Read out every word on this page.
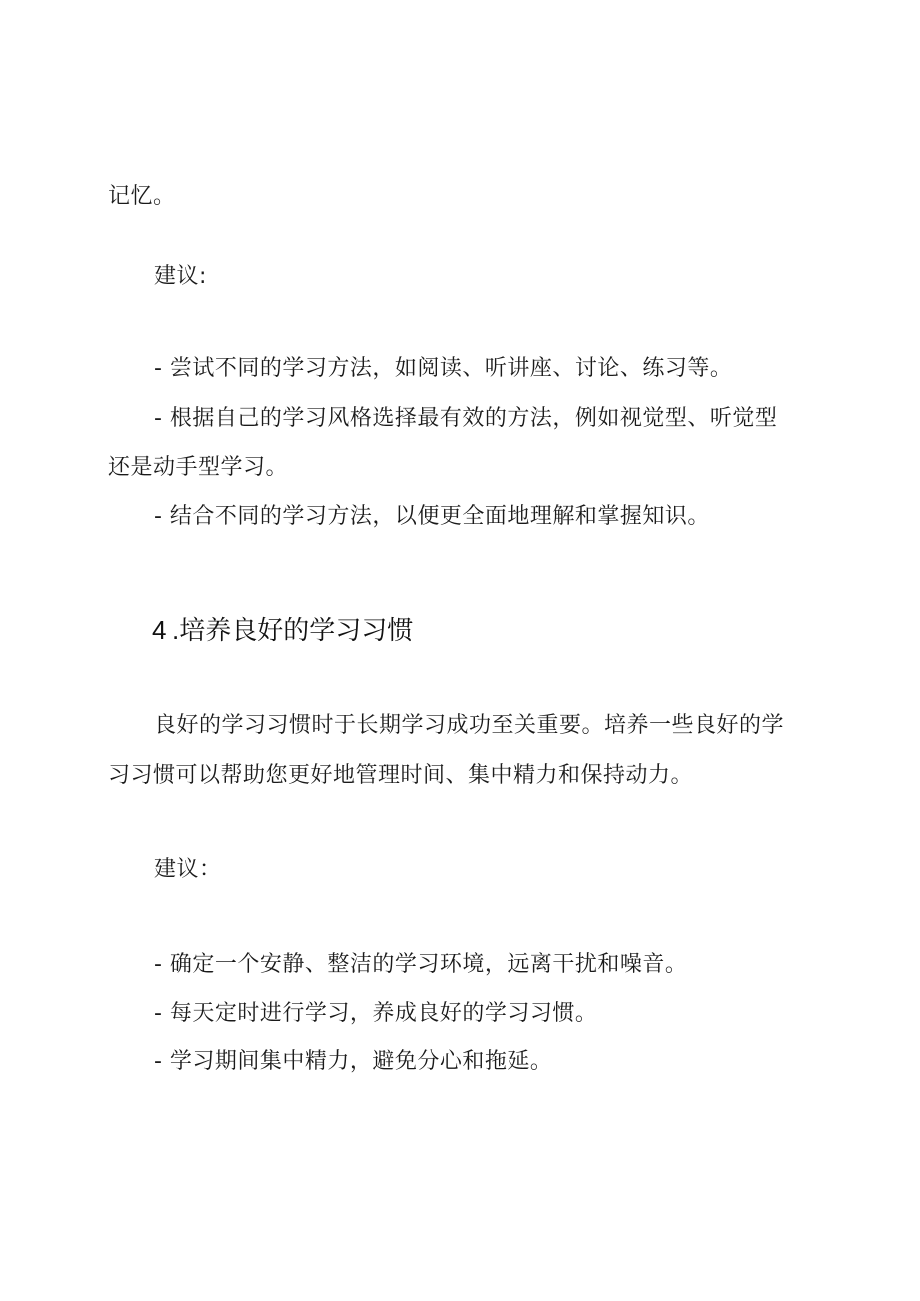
记忆。
建议:
- 尝试不同的学习方法，如阅读、听讲座、讨论、练习等。
- 根据自己的学习风格选择最有效的方法，例如视觉型、听觉型
还是动手型学习。
- 结合不同的学习方法，以便更全面地理解和掌握知识。
4 .培养良好的学习习惯
良好的学习习惯时于长期学习成功至关重要。培养一些良好的学
习习惯可以帮助您更好地管理时间、集中精力和保持动力。
建议：
- 确定一个安静、整洁的学习环境，远离干扰和噪音。
- 每天定时进行学习，养成良好的学习习惯。
- 学习期间集中精力，避免分心和拖延。
